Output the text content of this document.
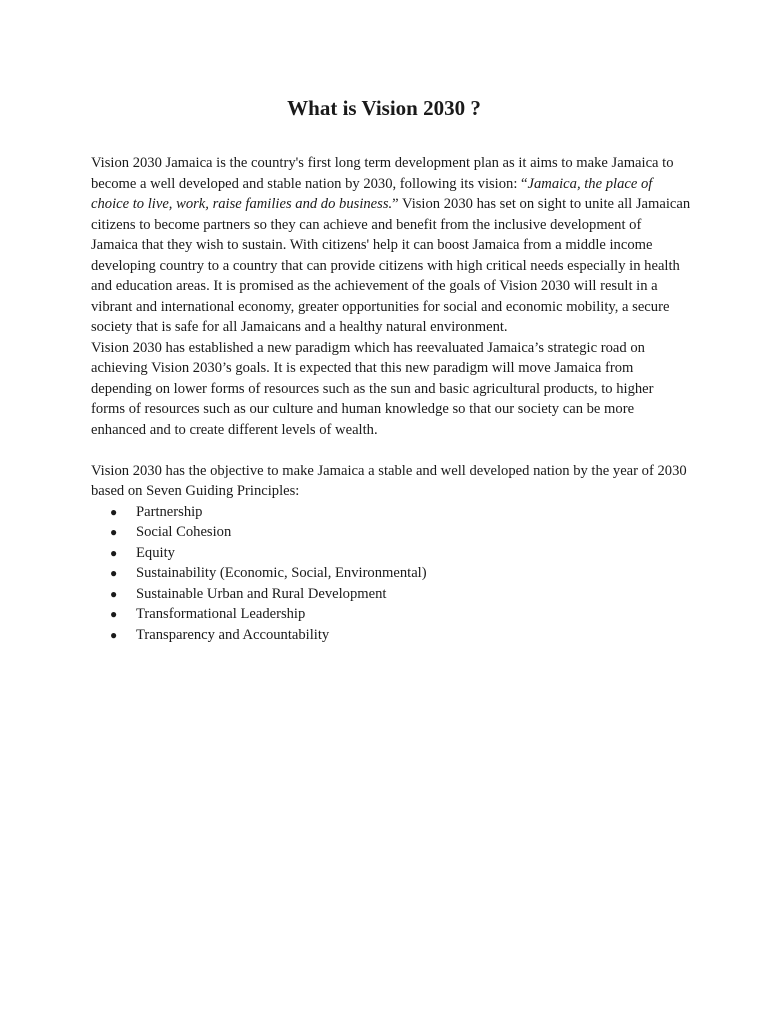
What is Vision 2030 ?

Vision 2030 Jamaica is the country's first long term development plan as it aims to make Jamaica to become a well developed and stable nation by 2030, following its vision: “Jamaica, the place of choice to live, work, raise families and do business.” Vision 2030 has set on sight to unite all Jamaican citizens to become partners so they can achieve and benefit from the inclusive development of Jamaica that they wish to sustain. With citizens' help it can boost Jamaica from a middle income developing country to a country that can provide citizens with high critical needs especially in health and education areas. It is promised as the achievement of the goals of Vision 2030 will result in a vibrant and international economy, greater opportunities for social and economic mobility, a secure society that is safe for all Jamaicans and a healthy natural environment.

Vision 2030 has established a new paradigm which has reevaluated Jamaica’s strategic road on achieving Vision 2030’s goals. It is expected that this new paradigm will move Jamaica from depending on lower forms of resources such as the sun and basic agricultural products, to higher forms of resources such as our culture and human knowledge so that our society can be more enhanced and to create different levels of wealth.

Vision 2030 has the objective to make Jamaica a stable and well developed nation by the year of 2030 based on Seven Guiding Principles:

● Partnership
● Social Cohesion
● Equity
● Sustainability (Economic, Social, Environmental)
● Sustainable Urban and Rural Development
● Transformational Leadership
● Transparency and Accountability
